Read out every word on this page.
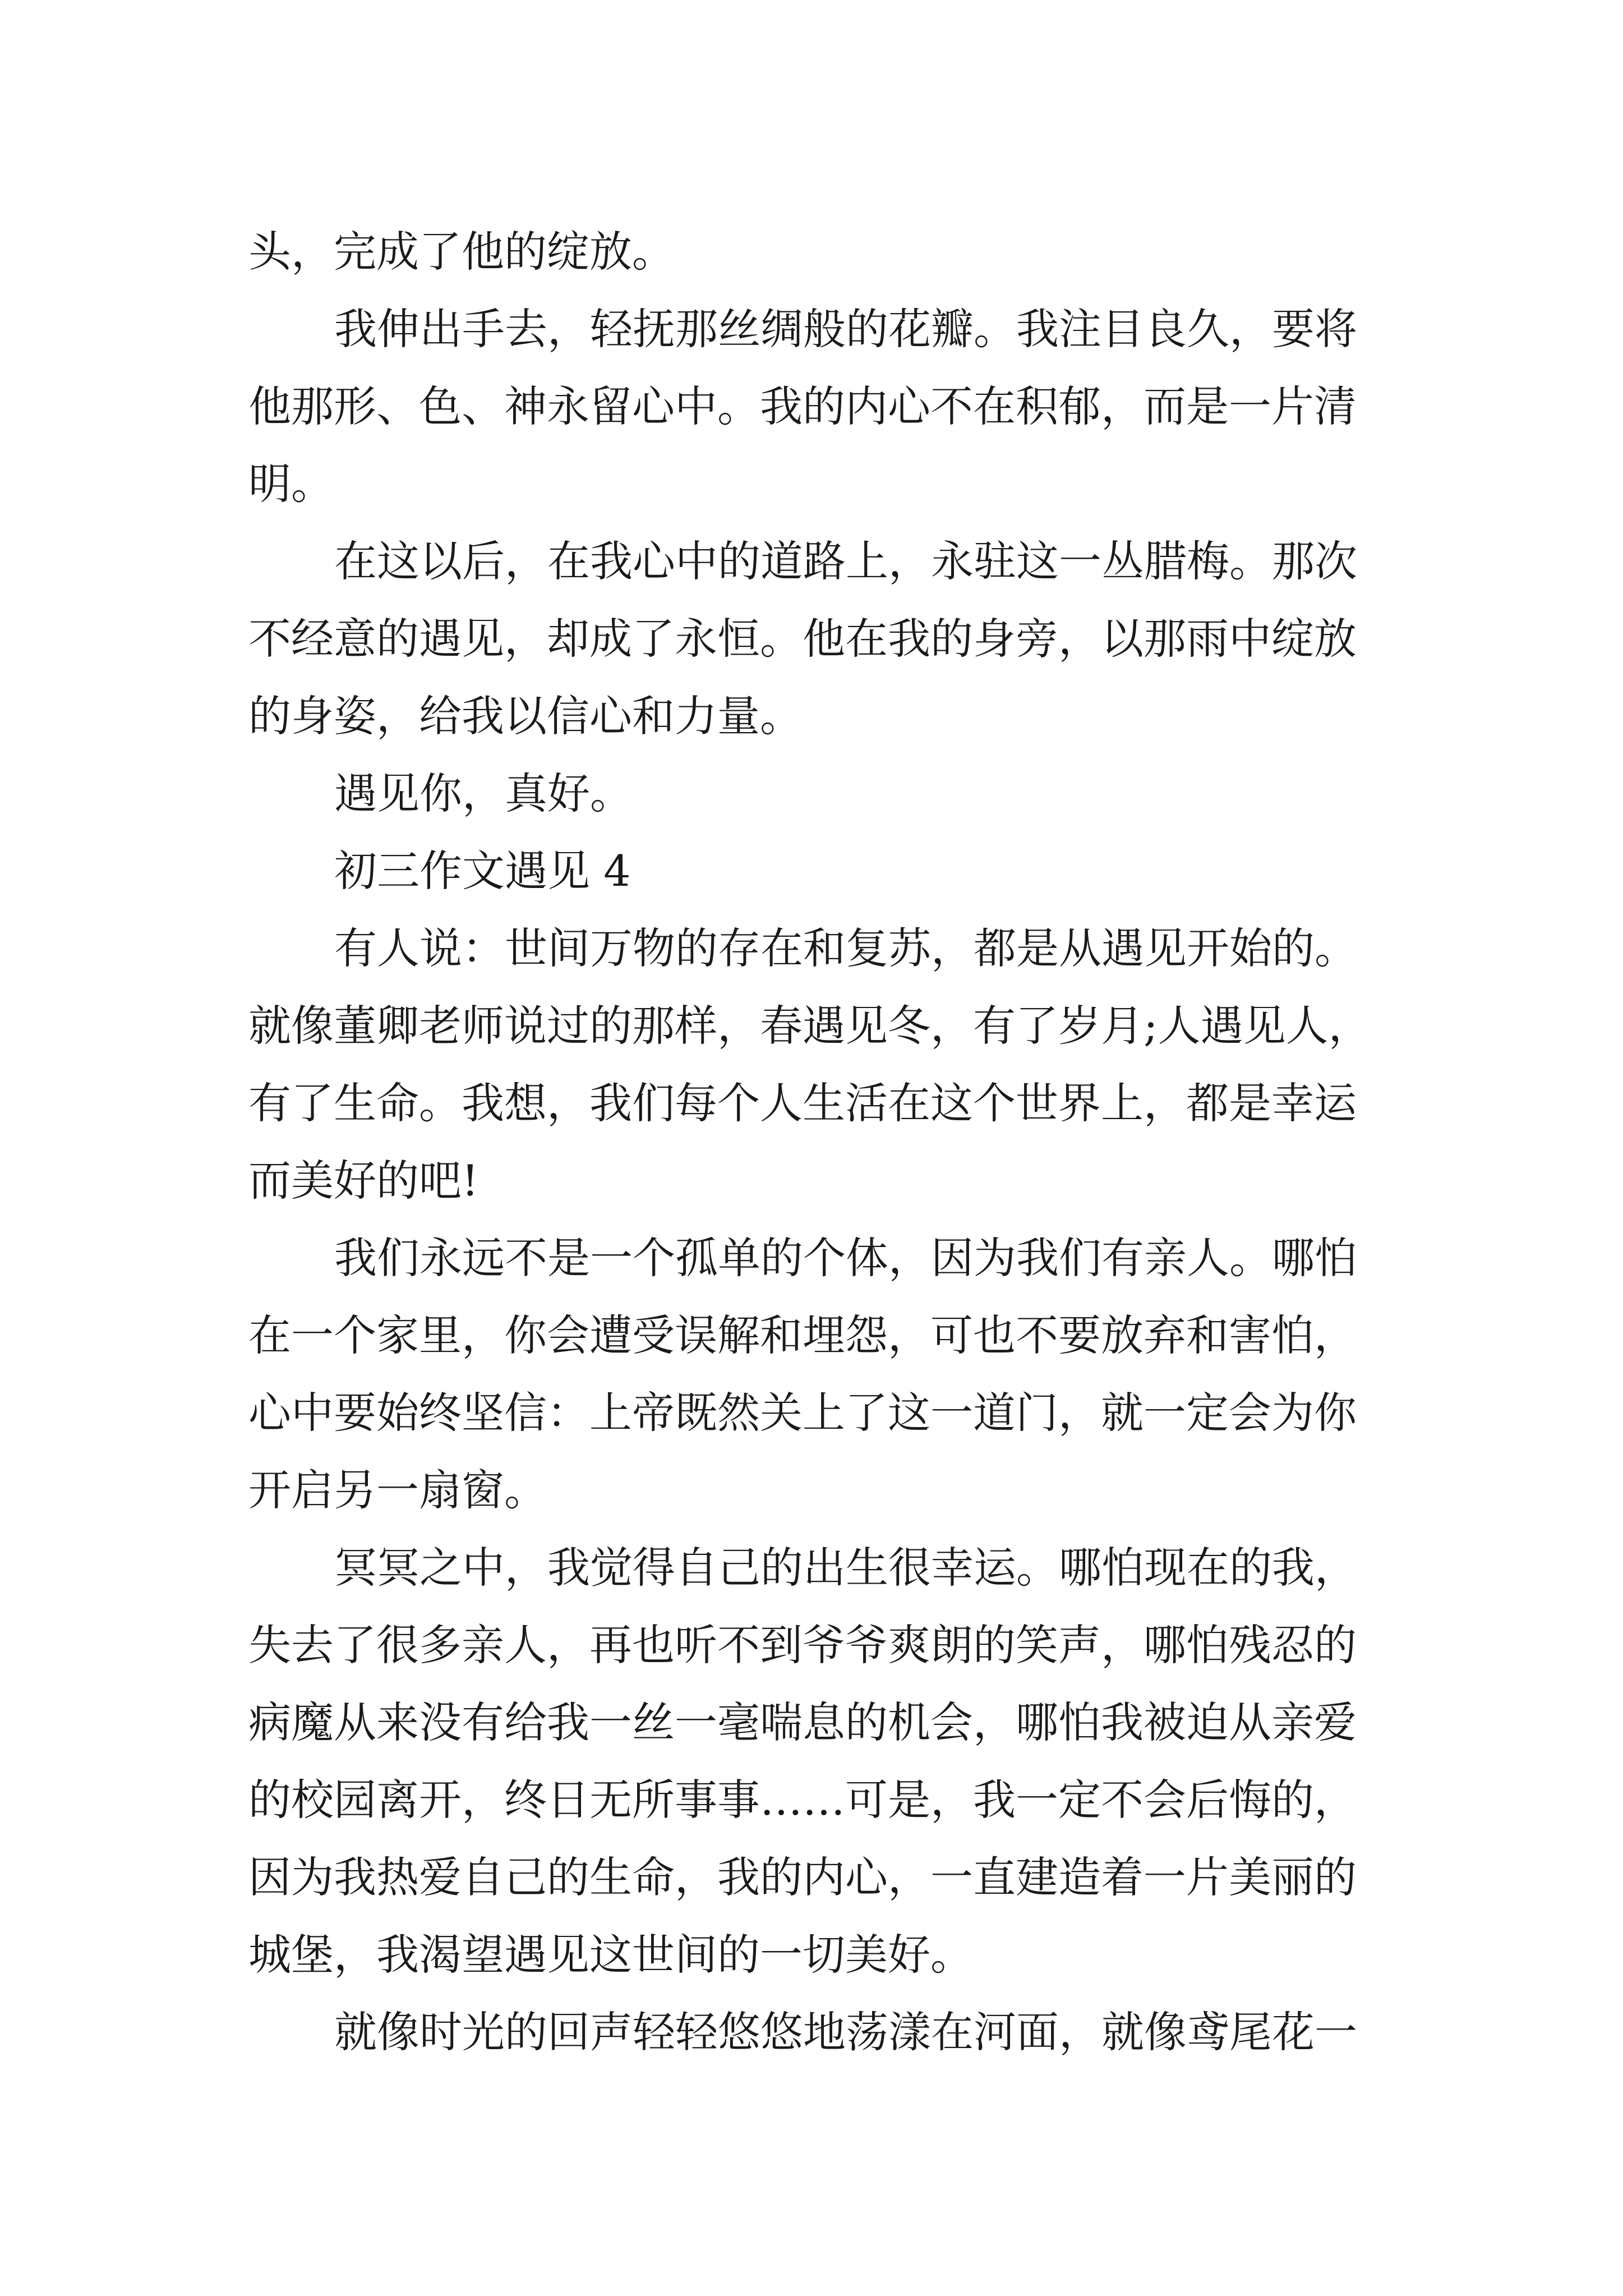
头，完成了他的绽放。
我伸出手去，轻抚那丝绸般的花瓣。我注目良久，要将
他那形、色、神永留心中。我的内心不在积郁，而是一片清
明。
在这以后，在我心中的道路上，永驻这一丛腊梅。那次
不经意的遇见，却成了永恒。他在我的身旁，以那雨中绽放
的身姿，给我以信心和力量。
遇见你，真好。
初三作文遇见 4
有人说：世间万物的存在和复苏，都是从遇见开始的。
就像董卿老师说过的那样，春遇见冬，有了岁月;人遇见人，
有了生命。我想，我们每个人生活在这个世界上，都是幸运
而美好的吧!
我们永远不是一个孤单的个体，因为我们有亲人。哪怕
在一个家里，你会遭受误解和埋怨，可也不要放弃和害怕，
心中要始终坚信：上帝既然关上了这一道门，就一定会为你
开启另一扇窗。
冥冥之中，我觉得自己的出生很幸运。哪怕现在的我，
失去了很多亲人，再也听不到爷爷爽朗的笑声，哪怕残忍的
病魔从来没有给我一丝一毫喘息的机会，哪怕我被迫从亲爱
的校园离开，终日无所事事……可是，我一定不会后悔的，
因为我热爱自己的生命，我的内心，一直建造着一片美丽的
城堡，我渴望遇见这世间的一切美好。
就像时光的回声轻轻悠悠地荡漾在河面，就像鸢尾花一
